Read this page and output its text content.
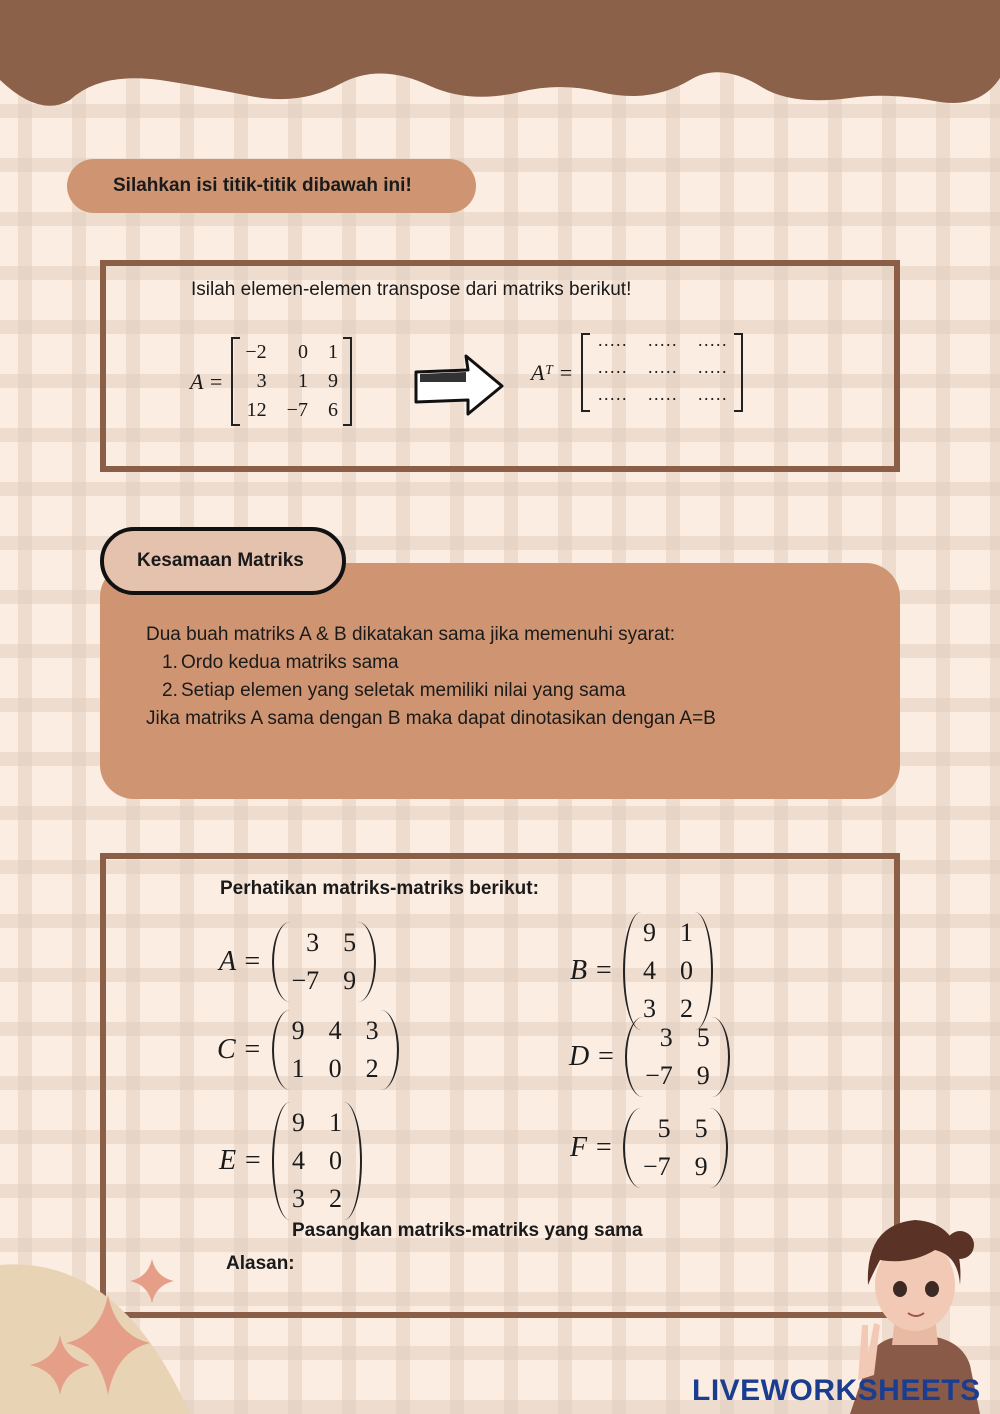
Silahkan isi titik-titik dibawah ini!
Isilah elemen-elemen transpose dari matriks berikut!
A =
−2	0	1
3	1	9
12	−7	6
Aᵀ =
·····	·····	·····
·····	·····	·····
·····	·····	·····
Kesamaan Matriks
Dua buah matriks A & B dikatakan sama jika memenuhi syarat:
1. Ordo kedua matriks sama
2. Setiap elemen yang seletak memiliki nilai yang sama
Jika matriks A sama dengan B maka dapat dinotasikan dengan A=B
Perhatikan matriks-matriks berikut:
A =
3 5
−7 9	B =
9 1
4 0
3 2
C =
9 4 3
1 0 2	D =
3 5
−7 9
E =
9 1
4 0
3 2
F =
5 5
−7 9
Pasangkan matriks-matriks yang sama
Alasan:
LIVEWORKSHEETS
